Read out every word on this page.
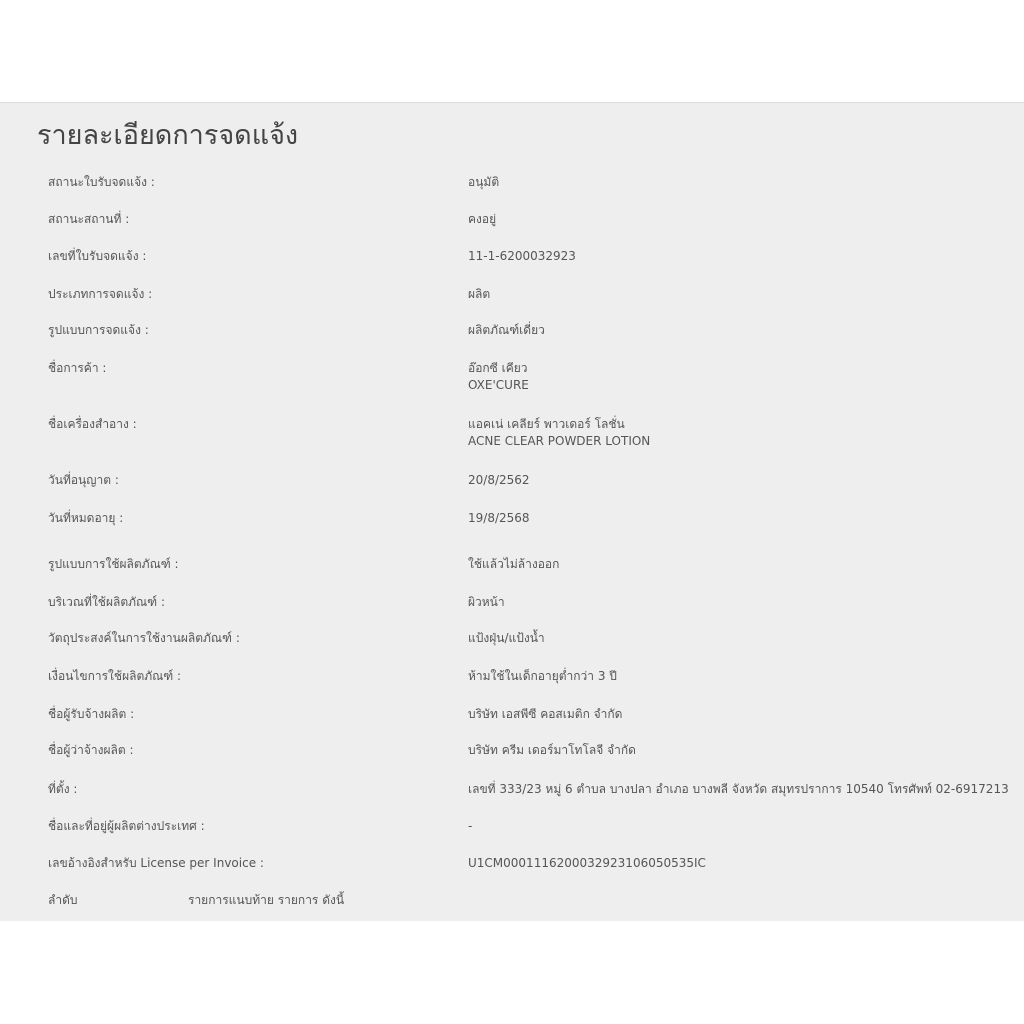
รายละเอียดการจดแจ้ง
สถานะใบรับจดแจ้ง :	อนุมัติ
สถานะสถานที่ :	คงอยู่
เลขที่ใบรับจดแจ้ง :	11-1-6200032923
ประเภทการจดแจ้ง :	ผลิต
รูปแบบการจดแจ้ง :	ผลิตภัณฑ์เดี่ยว
ชื่อการค้า :	อ๊อกซี เคียว
OXE'CURE
ชื่อเครื่องสำอาง :	แอคเน่ เคลียร์ พาวเดอร์ โลชั่น
ACNE CLEAR POWDER LOTION
วันที่อนุญาต :	20/8/2562
วันที่หมดอายุ :	19/8/2568
รูปแบบการใช้ผลิตภัณฑ์ :	ใช้แล้วไม่ล้างออก
บริเวณที่ใช้ผลิตภัณฑ์ :	ผิวหน้า
วัตถุประสงค์ในการใช้งานผลิตภัณฑ์ :	แป้งฝุ่น/แป้งน้ำ
เงื่อนไขการใช้ผลิตภัณฑ์ :	ห้ามใช้ในเด็กอายุต่ำกว่า 3 ปี
ชื่อผู้รับจ้างผลิต :	บริษัท เอสพีซี คอสเมติก จำกัด
ชื่อผู้ว่าจ้างผลิต :	บริษัท ครีม เดอร์มาโทโลจี จำกัด
ที่ตั้ง :	เลขที่ 333/23 หมู่ 6 ตำบล บางปลา อำเภอ บางพลี จังหวัด สมุทรปราการ 10540 โทรศัพท์ 02-6917213
ชื่อและที่อยู่ผู้ผลิตต่างประเทศ :	-
เลขอ้างอิงสำหรับ License per Invoice :	U1CM0001116200032923106050535IC
ลำดับ	รายการแนบท้าย รายการ ดังนี้
